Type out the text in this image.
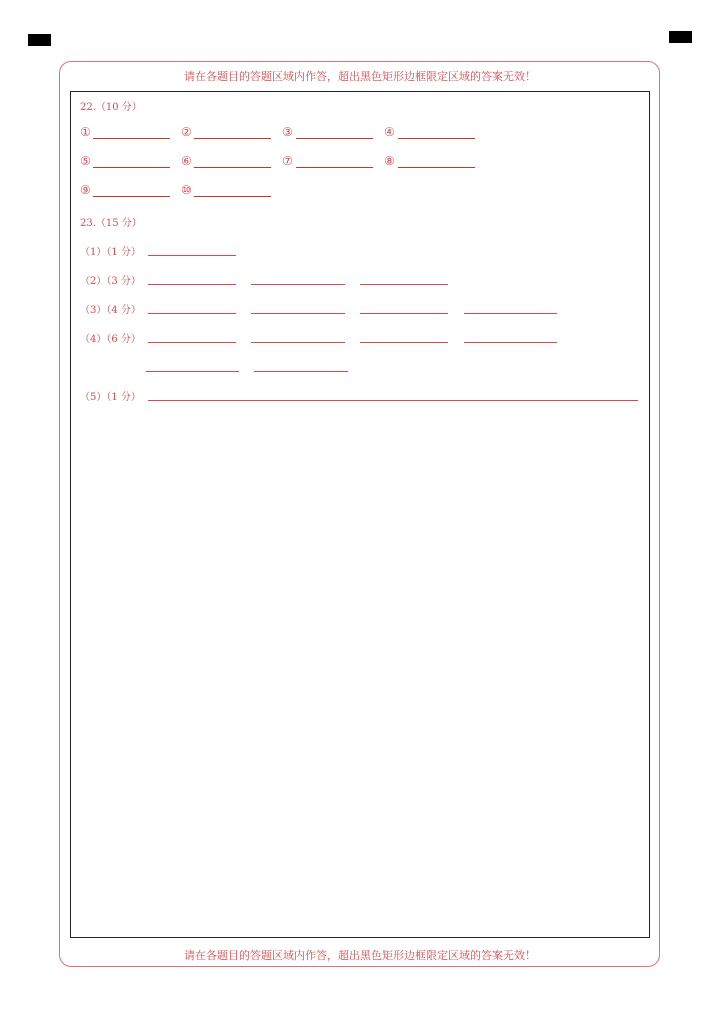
请在各题目的答题区域内作答，超出黑色矩形边框限定区域的答案无效！
22.（10 分）
①	②	③	④
⑤	⑥	⑦	⑧
⑨	⑩
23.（15 分）
（1）（1 分）
（2）（3 分）
（3）（4 分）
（4）（6 分）
（5）（1 分）
请在各题目的答题区域内作答，超出黑色矩形边框限定区域的答案无效！
